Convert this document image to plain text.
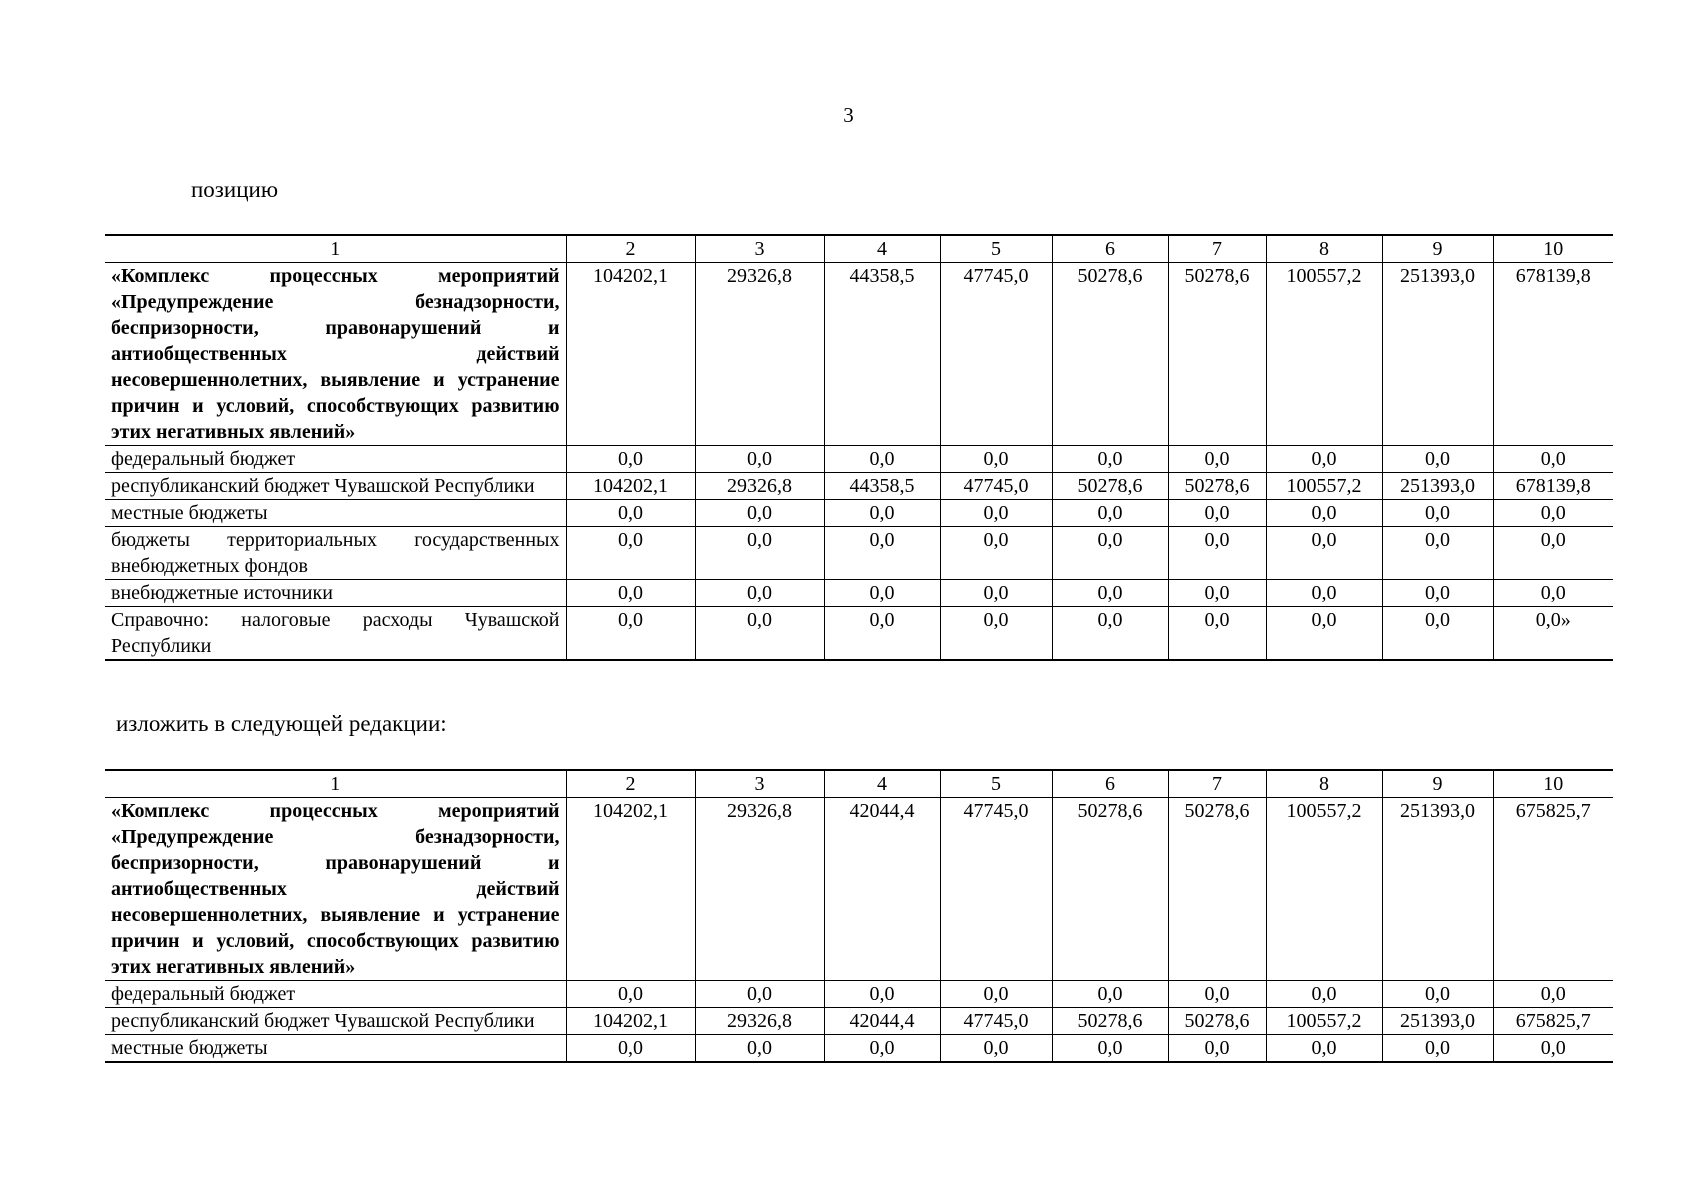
3
позицию
1	2	3	4	5	6	7	8	9	10
«Комплекс процессных мероприятий «Предупреждение безнадзорности, беспризорности, правонарушений и антиобщественных действий несовершеннолетних, выявление и устранение причин и условий, способствующих развитию этих негативных явлений»	104202,1	29326,8	44358,5	47745,0	50278,6	50278,6	100557,2	251393,0	678139,8
федеральный бюджет	0,0	0,0	0,0	0,0	0,0	0,0	0,0	0,0	0,0
республиканский бюджет Чувашской Республики	104202,1	29326,8	44358,5	47745,0	50278,6	50278,6	100557,2	251393,0	678139,8
местные бюджеты	0,0	0,0	0,0	0,0	0,0	0,0	0,0	0,0	0,0
бюджеты территориальных государственных внебюджетных фондов	0,0	0,0	0,0	0,0	0,0	0,0	0,0	0,0	0,0
внебюджетные источники	0,0	0,0	0,0	0,0	0,0	0,0	0,0	0,0	0,0
Справочно: налоговые расходы Чувашской Республики	0,0	0,0	0,0	0,0	0,0	0,0	0,0	0,0	0,0»
изложить в следующей редакции:
1	2	3	4	5	6	7	8	9	10
«Комплекс процессных мероприятий «Предупреждение безнадзорности, беспризорности, правонарушений и антиобщественных действий несовершеннолетних, выявление и устранение причин и условий, способствующих развитию этих негативных явлений»	104202,1	29326,8	42044,4	47745,0	50278,6	50278,6	100557,2	251393,0	675825,7
федеральный бюджет	0,0	0,0	0,0	0,0	0,0	0,0	0,0	0,0	0,0
республиканский бюджет Чувашской Республики	104202,1	29326,8	42044,4	47745,0	50278,6	50278,6	100557,2	251393,0	675825,7
местные бюджеты	0,0	0,0	0,0	0,0	0,0	0,0	0,0	0,0	0,0
